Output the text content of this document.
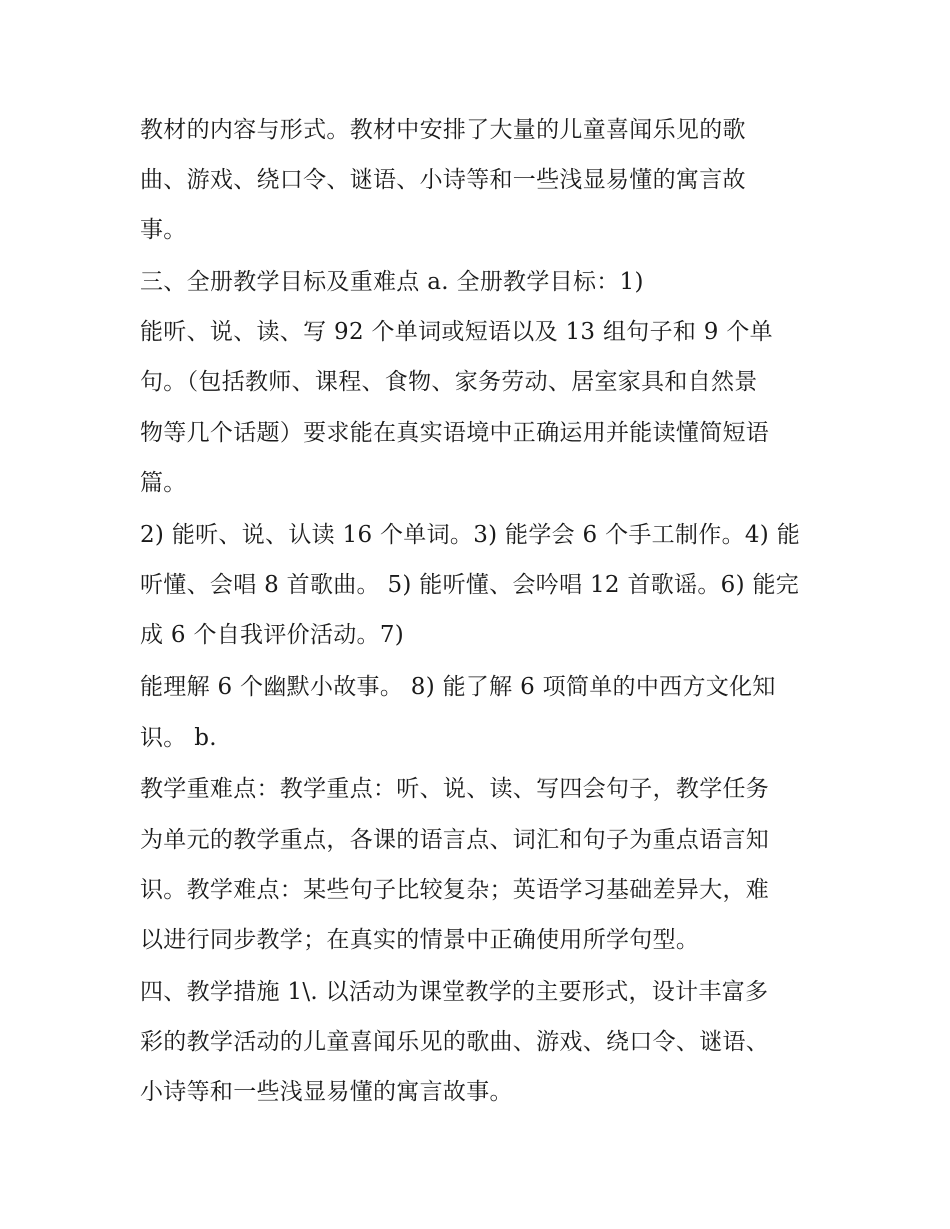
教材的内容与形式。教材中安排了大量的儿童喜闻乐见的歌
曲、游戏、绕口令、谜语、小诗等和一些浅显易懂的寓言故
事。
三、全册教学目标及重难点 a. 全册教学目标：1)
能听、说、读、写 92 个单词或短语以及 13 组句子和 9 个单
句。（包括教师、课程、食物、家务劳动、居室家具和自然景
物等几个话题）要求能在真实语境中正确运用并能读懂简短语
篇。
2) 能听、说、认读 16 个单词。3) 能学会 6 个手工制作。4) 能
听懂、会唱 8 首歌曲。 5) 能听懂、会吟唱 12 首歌谣。6) 能完
成 6 个自我评价活动。7)
能理解 6 个幽默小故事。 8) 能了解 6 项简单的中西方文化知
识。 b.
教学重难点：教学重点：听、说、读、写四会句子，教学任务
为单元的教学重点，各课的语言点、词汇和句子为重点语言知
识。教学难点：某些句子比较复杂；英语学习基础差异大，难
以进行同步教学；在真实的情景中正确使用所学句型。
四、教学措施 1\. 以活动为课堂教学的主要形式，设计丰富多
彩的教学活动的儿童喜闻乐见的歌曲、游戏、绕口令、谜语、
小诗等和一些浅显易懂的寓言故事。
